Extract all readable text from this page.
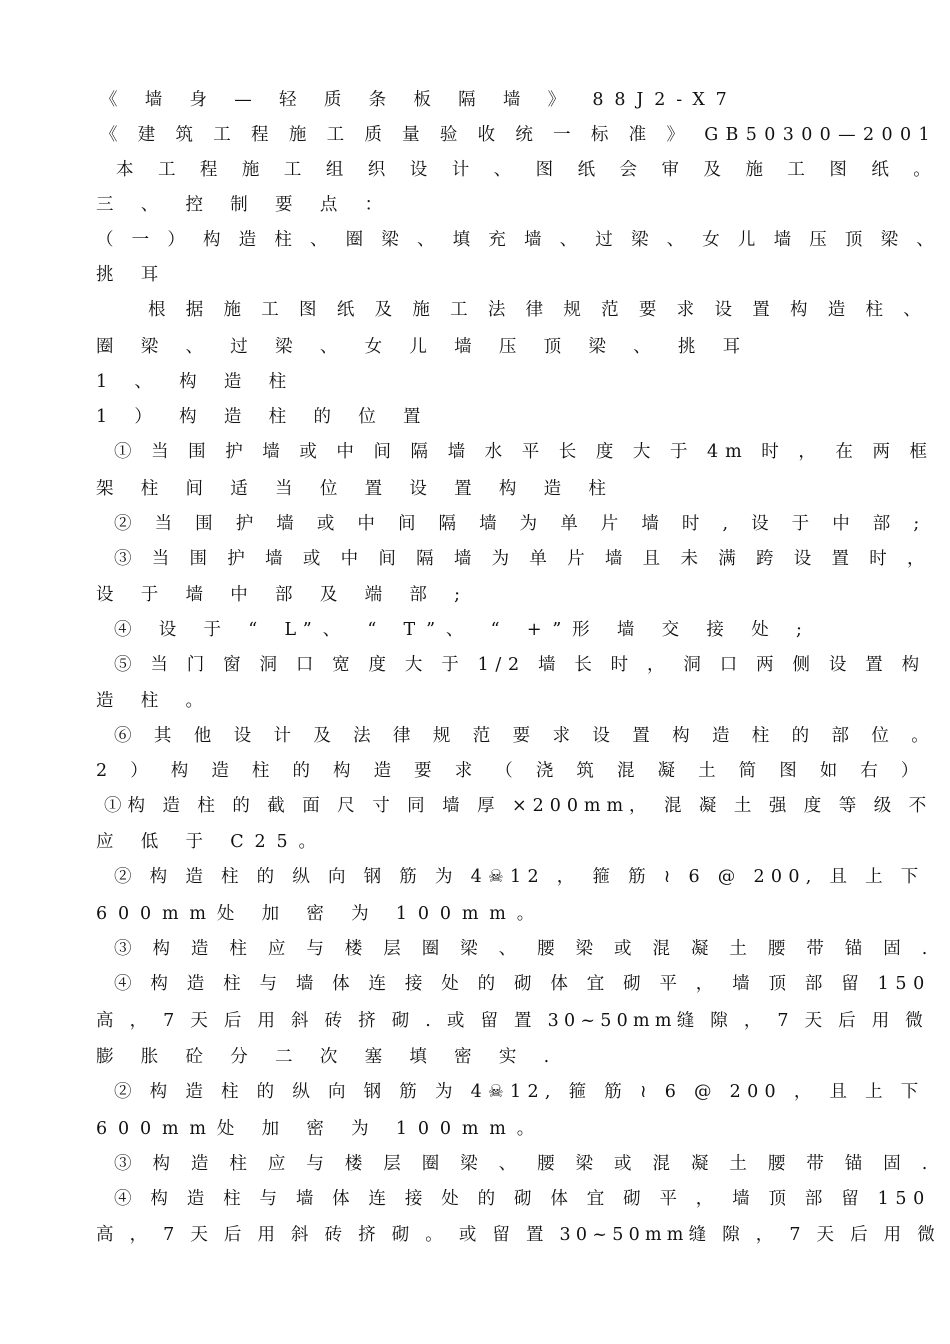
《 墙 身 — 轻 质 条 板 隔 墙 》 88J2-X7
《 建 筑 工 程 施 工 质 量 验 收 统 一 标 准 》 GB50300—2001
本 工 程 施 工 组 织 设 计 、 图 纸 会 审 及 施 工 图 纸 。
三 、 控 制 要 点 ：
（ 一 ） 构 造 柱 、 圈 梁 、 填 充 墙 、 过 梁 、 女 儿 墙 压 顶 梁 、
挑 耳
根 据 施 工 图 纸 及 施 工 法 律 规 范 要 求 设 置 构 造 柱 、
圈 梁 、 过 梁 、 女 儿 墙 压 顶 梁 、 挑 耳
1 、 构 造 柱
1 ） 构 造 柱 的 位 置
① 当 围 护 墙 或 中 间 隔 墙 水 平 长 度 大 于 4m 时 ， 在 两 框
架 柱 间 适 当 位 置 设 置 构 造 柱
② 当 围 护 墙 或 中 间 隔 墙 为 单 片 墙 时 , 设 于 中 部 ;
③ 当 围 护 墙 或 中 间 隔 墙 为 单 片 墙 且 未 满 跨 设 置 时 ，
设 于 墙 中 部 及 端 部 ;
④ 设 于 “ L”、 “ T”、 “ +”形 墙 交 接 处 ;
⑤ 当 门 窗 洞 口 宽 度 大 于 1/2 墙 长 时 ， 洞 口 两 侧 设 置 构
造 柱 。
⑥ 其 他 设 计 及 法 律 规 范 要 求 设 置 构 造 柱 的 部 位 。
2 ） 构 造 柱 的 构 造 要 求 （ 浇 筑 混 凝 土 简 图 如 右 ）
①构 造 柱 的 截 面 尺 寸 同 墙 厚 ×200mm， 混 凝 土 强 度 等 级 不
应 低 于 C25。
② 构 造 柱 的 纵 向 钢 筋 为 4☠12 ， 箍 筋 ≀ 6 @ 200, 且 上 下
600mm处 加 密 为 100mm。
③ 构 造 柱 应 与 楼 层 圈 梁 、 腰 梁 或 混 凝 土 腰 带 锚 固 .
④ 构 造 柱 与 墙 体 连 接 处 的 砌 体 宜 砌 平 ， 墙 顶 部 留 150
高 ， 7 天 后 用 斜 砖 挤 砌 . 或 留 置 30~50mm缝 隙 ， 7 天 后 用 微
膨 胀 砼 分 二 次 塞 填 密 实 .
② 构 造 柱 的 纵 向 钢 筋 为 4☠12, 箍 筋 ≀ 6 @ 200 ， 且 上 下
600mm处 加 密 为 100mm。
③ 构 造 柱 应 与 楼 层 圈 梁 、 腰 梁 或 混 凝 土 腰 带 锚 固 .
④ 构 造 柱 与 墙 体 连 接 处 的 砌 体 宜 砌 平 ， 墙 顶 部 留 150
高 ， 7 天 后 用 斜 砖 挤 砌 。 或 留 置 30~50mm缝 隙 ， 7 天 后 用 微
